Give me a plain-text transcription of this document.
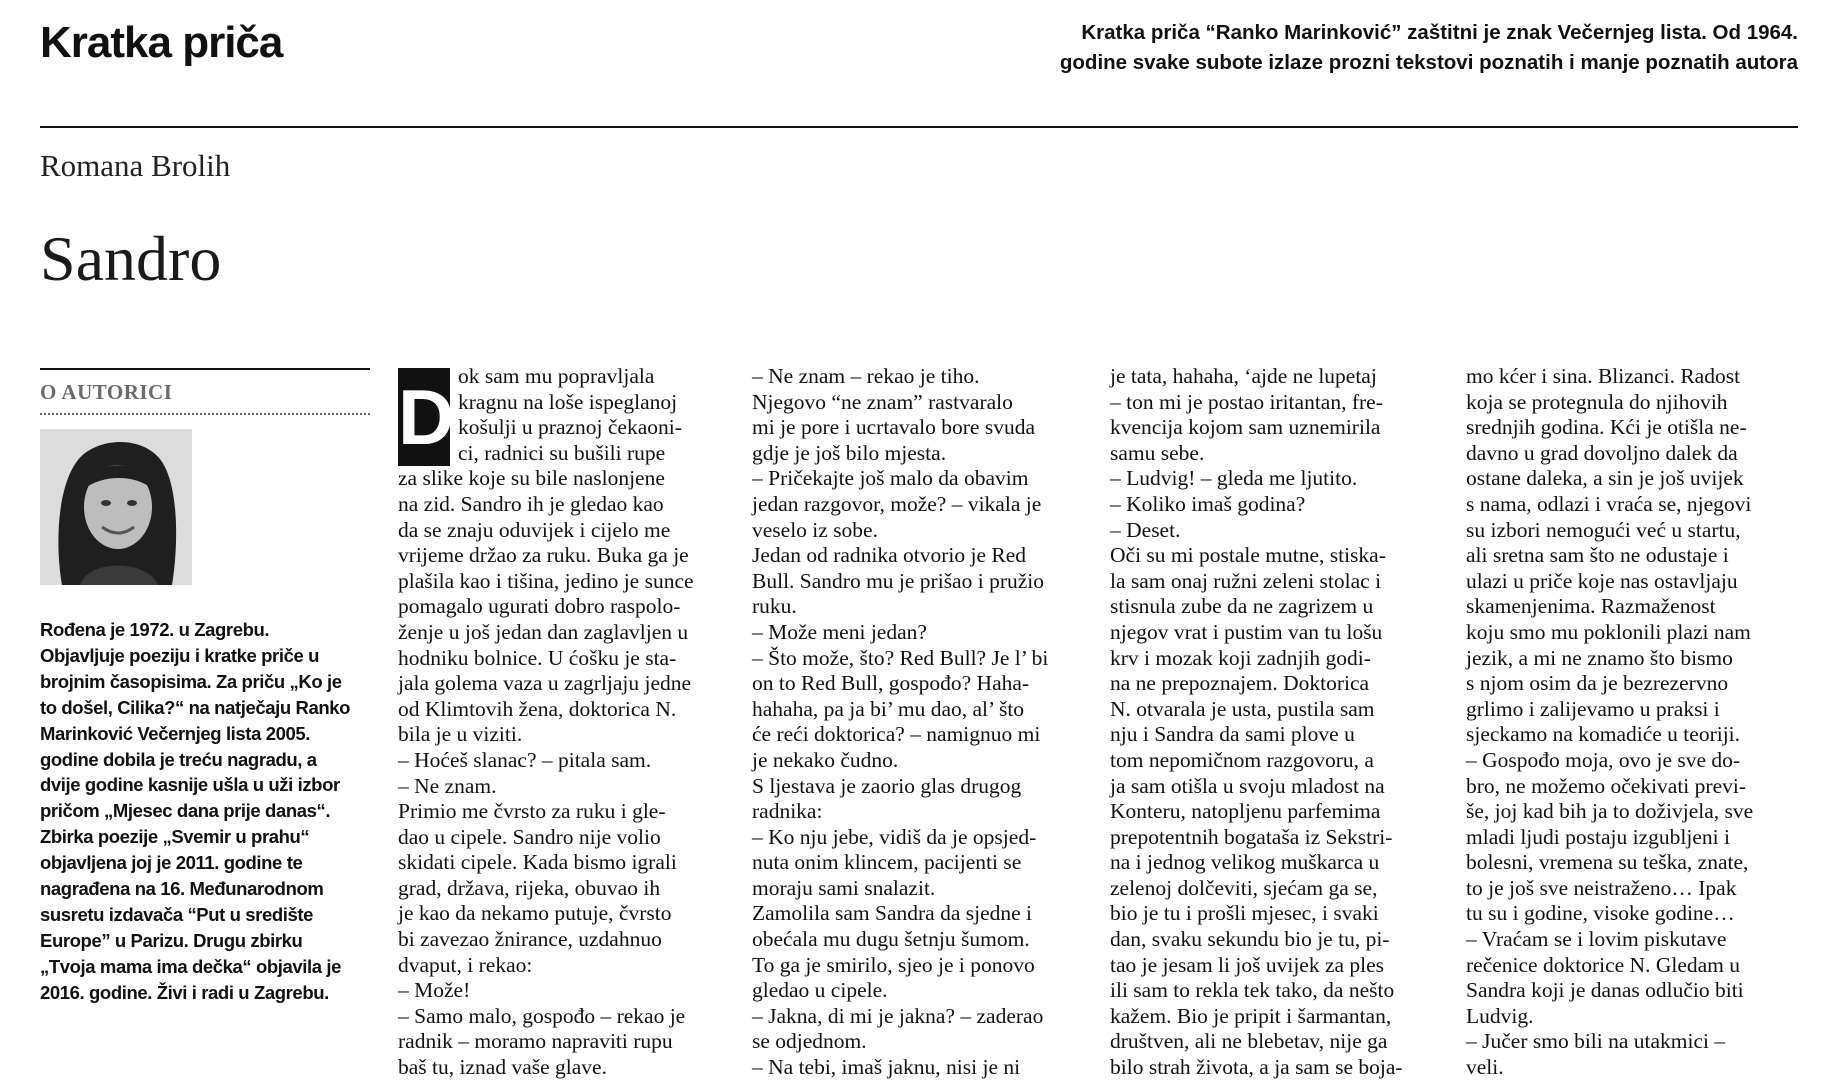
Kratka priča	Kratka priča “Ranko Marinković” zaštitni je znak Večernjeg lista. Od 1964.
godine svake subote izlaze prozni tekstovi poznatih i manje poznatih autora
Romana Brolih
Sandro
O AUTORICI
Rođena je 1972. u Zagrebu.
Objavljuje poeziju i kratke priče u
brojnim časopisima. Za priču „Ko je
to došel, Cilika?“ na natječaju Ranko
Marinković Večernjeg lista 2005.
godine dobila je treću nagradu, a
dvije godine kasnije ušla u uži izbor
pričom „Mjesec dana prije danas“.
Zbirka poezije „Svemir u prahu“
objavljena joj je 2011. godine te
nagrađena na 16. Međunarodnom
susretu izdavača “Put u središte
Europe” u Parizu. Drugu zbirku
„Tvoja mama ima dečka“ objavila je
2016. godine. Živi i radi u Zagrebu.
D ok sam mu popravljala
kragnu na loše ispeglanoj
košulji u praznoj čekaoni-
ci, radnici su bušili rupe
za slike koje su bile naslonjene
na zid. Sandro ih je gledao kao
da se znaju oduvijek i cijelo me
vrijeme držao za ruku. Buka ga je
plašila kao i tišina, jedino je sunce
pomagalo ugurati dobro raspolo-
ženje u još jedan dan zaglavljen u
hodniku bolnice. U ćošku je sta-
jala golema vaza u zagrljaju jedne
od Klimtovih žena, doktorica N.
bila je u viziti.
– Hoćeš slanac? – pitala sam.
– Ne znam.
Primio me čvrsto za ruku i gle-
dao u cipele. Sandro nije volio
skidati cipele. Kada bismo igrali
grad, država, rijeka, obuvao ih
je kao da nekamo putuje, čvrsto
bi zavezao žnirance, uzdahnuo
dvaput, i rekao:
– Može!
– Samo malo, gospođo – rekao je
radnik – moramo napraviti rupu
baš tu, iznad vaše glave.
– Ne znam – rekao je tiho.
Njegovo “ne znam” rastvaralo
mi je pore i ucrtavalo bore svuda
gdje je još bilo mjesta.
– Pričekajte još malo da obavim
jedan razgovor, može? – vikala je
veselo iz sobe.
Jedan od radnika otvorio je Red
Bull. Sandro mu je prišao i pružio
ruku.
– Može meni jedan?
– Što može, što? Red Bull? Je l’ bi
on to Red Bull, gospođo? Haha-
hahaha, pa ja bi’ mu dao, al’ što
će reći doktorica? – namignuo mi
je nekako čudno.
S ljestava je zaorio glas drugog
radnika:
– Ko nju jebe, vidiš da je opsjed-
nuta onim klincem, pacijenti se
moraju sami snalazit.
Zamolila sam Sandra da sjedne i
obećala mu dugu šetnju šumom.
To ga je smirilo, sjeo je i ponovo
gledao u cipele.
– Jakna, di mi je jakna? – zaderao
se odjednom.
– Na tebi, imaš jaknu, nisi je ni
je tata, hahaha, ‘ajde ne lupetaj
– ton mi je postao iritantan, fre-
kvencija kojom sam uznemirila
samu sebe.
– Ludvig! – gleda me ljutito.
– Koliko imaš godina?
– Deset.
Oči su mi postale mutne, stiska-
la sam onaj ružni zeleni stolac i
stisnula zube da ne zagrizem u
njegov vrat i pustim van tu lošu
krv i mozak koji zadnjih godi-
na ne prepoznajem. Doktorica
N. otvarala je usta, pustila sam
nju i Sandra da sami plove u
tom nepomičnom razgovoru, a
ja sam otišla u svoju mladost na
Konteru, natopljenu parfemima
prepotentnih bogataša iz Sekstri-
na i jednog velikog muškarca u
zelenoj dolčeviti, sjećam ga se,
bio je tu i prošli mjesec, i svaki
dan, svaku sekundu bio je tu, pi-
tao je jesam li još uvijek za ples
ili sam to rekla tek tako, da nešto
kažem. Bio je pripit i šarmantan,
društven, ali ne blebetav, nije ga
bilo strah života, a ja sam se boja-
mo kćer i sina. Blizanci. Radost
koja se protegnula do njihovih
srednjih godina. Kći je otišla ne-
davno u grad dovoljno dalek da
ostane daleka, a sin je još uvijek
s nama, odlazi i vraća se, njegovi
su izbori nemogući već u startu,
ali sretna sam što ne odustaje i
ulazi u priče koje nas ostavljaju
skamenjenima. Razmaženost
koju smo mu poklonili plazi nam
jezik, a mi ne znamo što bismo
s njom osim da je bezrezervno
grlimo i zalijevamo u praksi i
sjeckamo na komadiće u teoriji.
– Gospođo moja, ovo je sve do-
bro, ne možemo očekivati previ-
še, joj kad bih ja to doživjela, sve
mladi ljudi postaju izgubljeni i
bolesni, vremena su teška, znate,
to je još sve neistraženo… Ipak
tu su i godine, visoke godine…
– Vraćam se i lovim piskutave
rečenice doktorice N. Gledam u
Sandra koji je danas odlučio biti
Ludvig.
– Jučer smo bili na utakmici –
veli.
